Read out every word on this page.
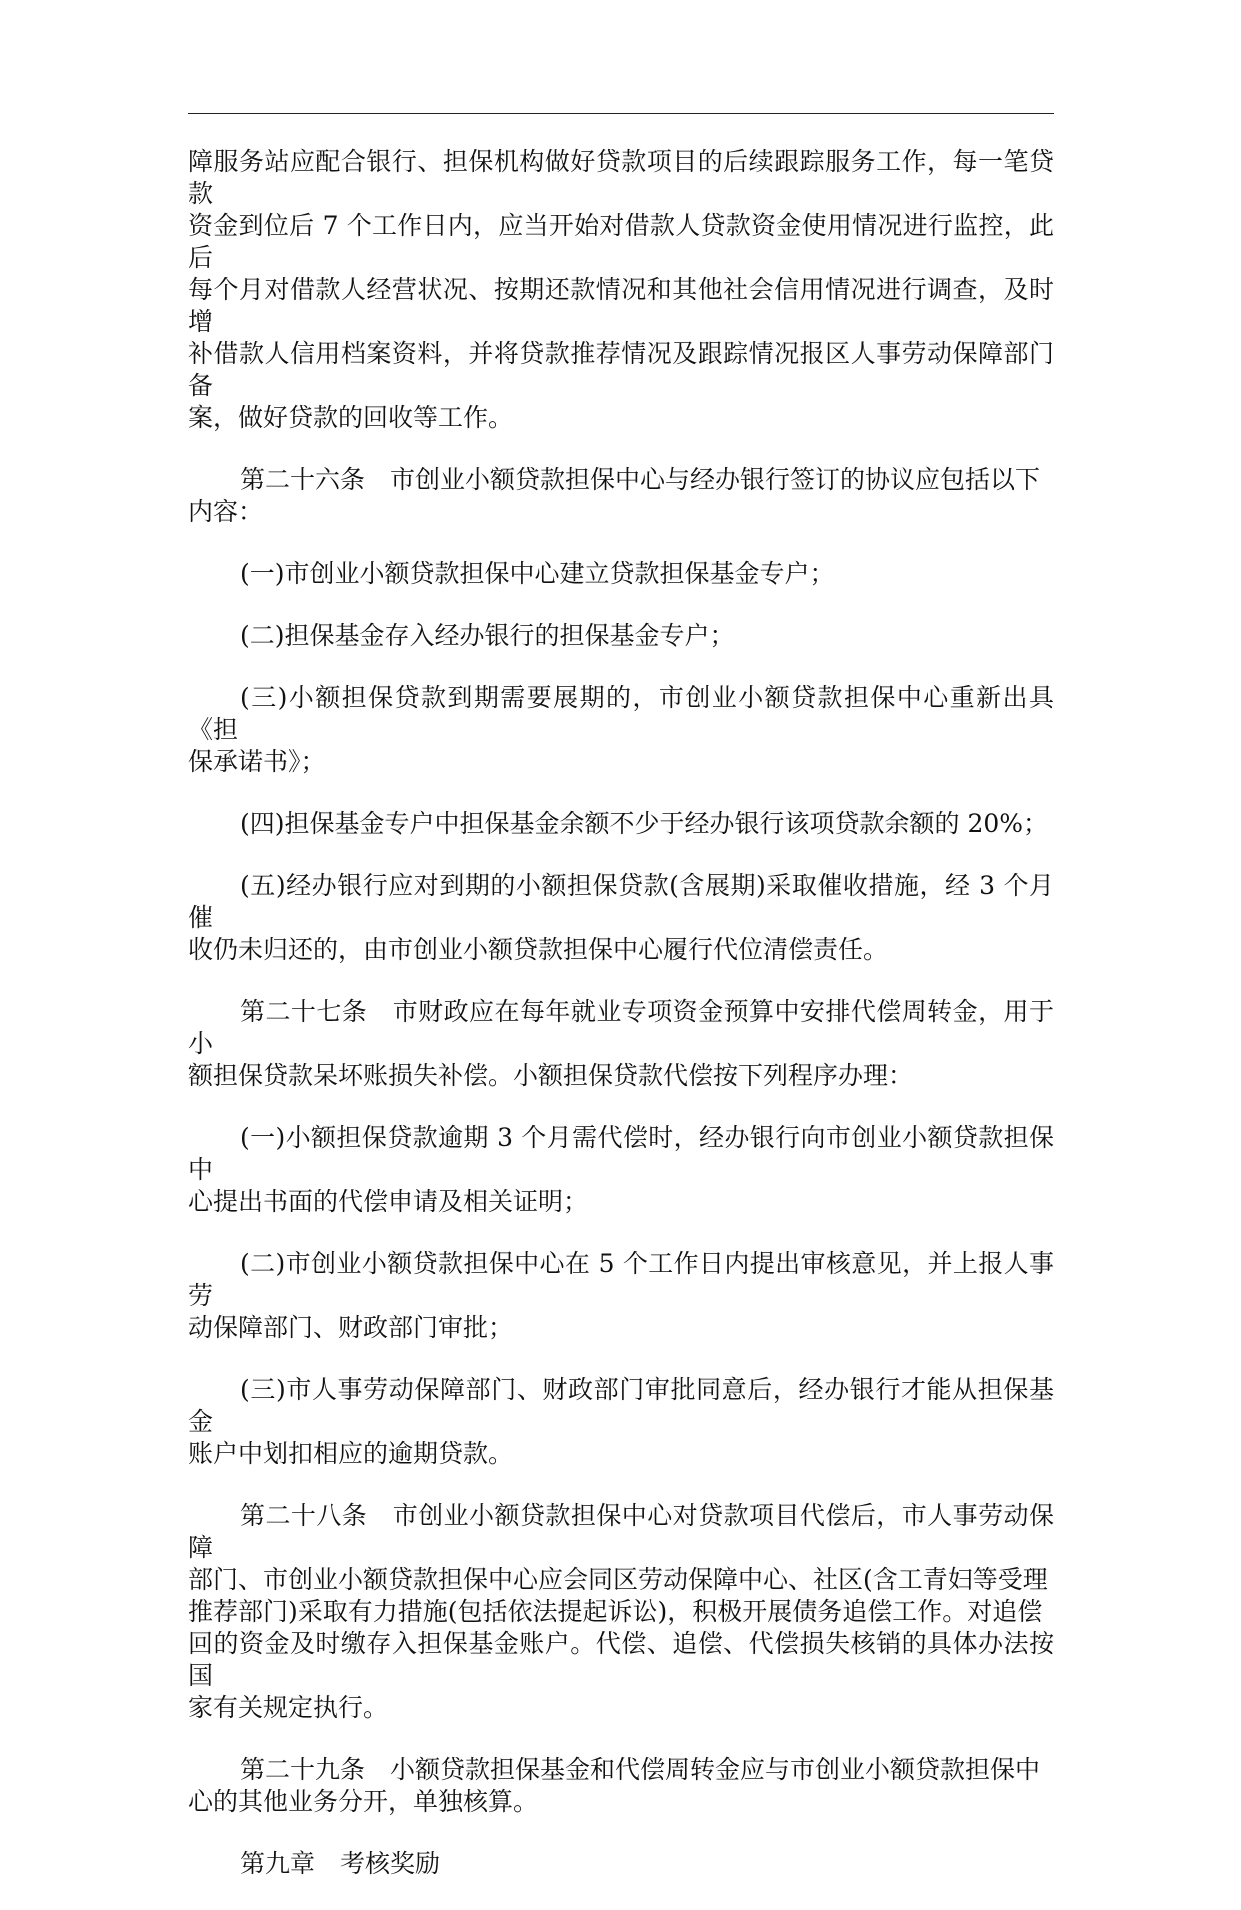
障服务站应配合银行、担保机构做好贷款项目的后续跟踪服务工作，每一笔贷款
资金到位后 7 个工作日内，应当开始对借款人贷款资金使用情况进行监控，此后
每个月对借款人经营状况、按期还款情况和其他社会信用情况进行调查，及时增
补借款人信用档案资料，并将贷款推荐情况及跟踪情况报区人事劳动保障部门备
案，做好贷款的回收等工作。

第二十六条　市创业小额贷款担保中心与经办银行签订的协议应包括以下
内容：

(一)市创业小额贷款担保中心建立贷款担保基金专户；

(二)担保基金存入经办银行的担保基金专户；

(三)小额担保贷款到期需要展期的，市创业小额贷款担保中心重新出具《担
保承诺书》；

(四)担保基金专户中担保基金余额不少于经办银行该项贷款余额的 20%；

(五)经办银行应对到期的小额担保贷款(含展期)采取催收措施，经 3 个月催
收仍未归还的，由市创业小额贷款担保中心履行代位清偿责任。

第二十七条　市财政应在每年就业专项资金预算中安排代偿周转金，用于小
额担保贷款呆坏账损失补偿。小额担保贷款代偿按下列程序办理：

(一)小额担保贷款逾期 3 个月需代偿时，经办银行向市创业小额贷款担保中
心提出书面的代偿申请及相关证明；

(二)市创业小额贷款担保中心在 5 个工作日内提出审核意见，并上报人事劳
动保障部门、财政部门审批；

(三)市人事劳动保障部门、财政部门审批同意后，经办银行才能从担保基金
账户中划扣相应的逾期贷款。

第二十八条　市创业小额贷款担保中心对贷款项目代偿后，市人事劳动保障
部门、市创业小额贷款担保中心应会同区劳动保障中心、社区(含工青妇等受理
推荐部门)采取有力措施(包括依法提起诉讼)，积极开展债务追偿工作。对追偿
回的资金及时缴存入担保基金账户。代偿、追偿、代偿损失核销的具体办法按国
家有关规定执行。

第二十九条　小额贷款担保基金和代偿周转金应与市创业小额贷款担保中
心的其他业务分开，单独核算。

第九章　考核奖励
